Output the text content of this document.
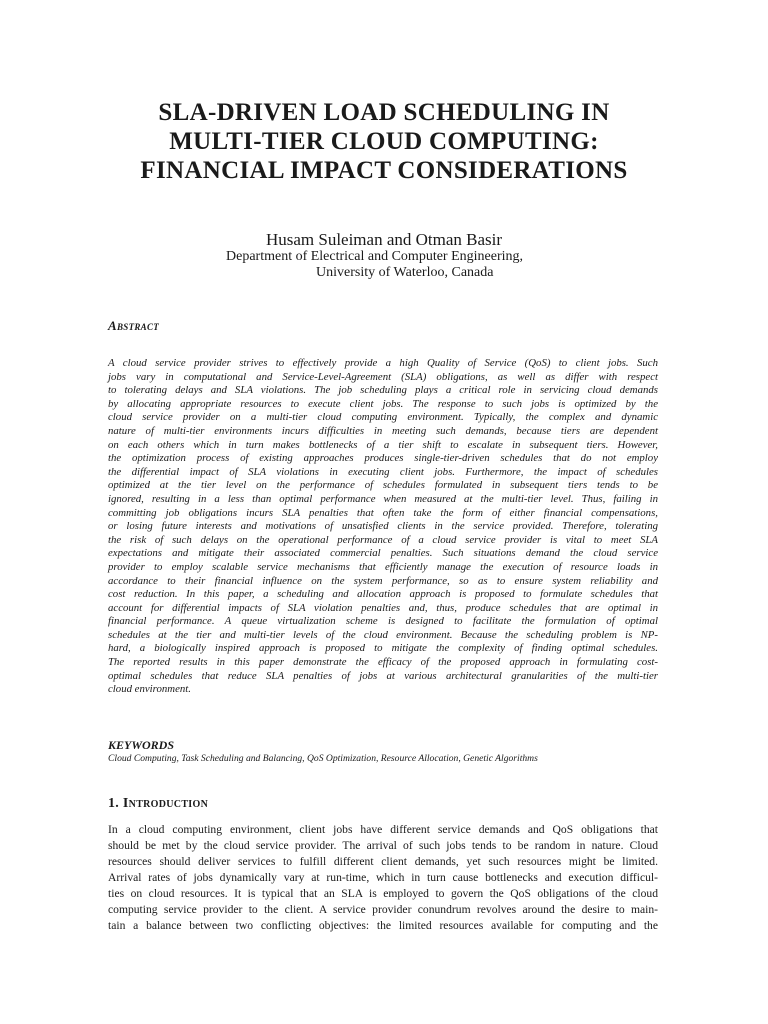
SLA-DRIVEN LOAD SCHEDULING IN
MULTI-TIER CLOUD COMPUTING:
FINANCIAL IMPACT CONSIDERATIONS
Husam Suleiman and Otman Basir
Department of Electrical and Computer Engineering,
University of Waterloo, Canada
Abstract
A cloud service provider strives to effectively provide a high Quality of Service (QoS) to client jobs. Such
jobs vary in computational and Service-Level-Agreement (SLA) obligations, as well as differ with respect
to tolerating delays and SLA violations. The job scheduling plays a critical role in servicing cloud demands
by allocating appropriate resources to execute client jobs. The response to such jobs is optimized by the
cloud service provider on a multi-tier cloud computing environment. Typically, the complex and dynamic
nature of multi-tier environments incurs difficulties in meeting such demands, because tiers are dependent
on each others which in turn makes bottlenecks of a tier shift to escalate in subsequent tiers. However,
the optimization process of existing approaches produces single-tier-driven schedules that do not employ
the differential impact of SLA violations in executing client jobs. Furthermore, the impact of schedules
optimized at the tier level on the performance of schedules formulated in subsequent tiers tends to be
ignored, resulting in a less than optimal performance when measured at the multi-tier level. Thus, failing in
committing job obligations incurs SLA penalties that often take the form of either financial compensations,
or losing future interests and motivations of unsatisfied clients in the service provided. Therefore, tolerating
the risk of such delays on the operational performance of a cloud service provider is vital to meet SLA
expectations and mitigate their associated commercial penalties. Such situations demand the cloud service
provider to employ scalable service mechanisms that efficiently manage the execution of resource loads in
accordance to their financial influence on the system performance, so as to ensure system reliability and
cost reduction. In this paper, a scheduling and allocation approach is proposed to formulate schedules that
account for differential impacts of SLA violation penalties and, thus, produce schedules that are optimal in
financial performance. A queue virtualization scheme is designed to facilitate the formulation of optimal
schedules at the tier and multi-tier levels of the cloud environment. Because the scheduling problem is NP-
hard, a biologically inspired approach is proposed to mitigate the complexity of finding optimal schedules.
The reported results in this paper demonstrate the efficacy of the proposed approach in formulating cost-
optimal schedules that reduce SLA penalties of jobs at various architectural granularities of the multi-tier
cloud environment.
KEYWORDS
Cloud Computing, Task Scheduling and Balancing, QoS Optimization, Resource Allocation, Genetic Algorithms
1. Introduction
In a cloud computing environment, client jobs have different service demands and QoS obligations that
should be met by the cloud service provider. The arrival of such jobs tends to be random in nature. Cloud
resources should deliver services to fulfill different client demands, yet such resources might be limited.
Arrival rates of jobs dynamically vary at run-time, which in turn cause bottlenecks and execution difficul-
ties on cloud resources. It is typical that an SLA is employed to govern the QoS obligations of the cloud
computing service provider to the client. A service provider conundrum revolves around the desire to main-
tain a balance between two conflicting objectives: the limited resources available for computing and the
